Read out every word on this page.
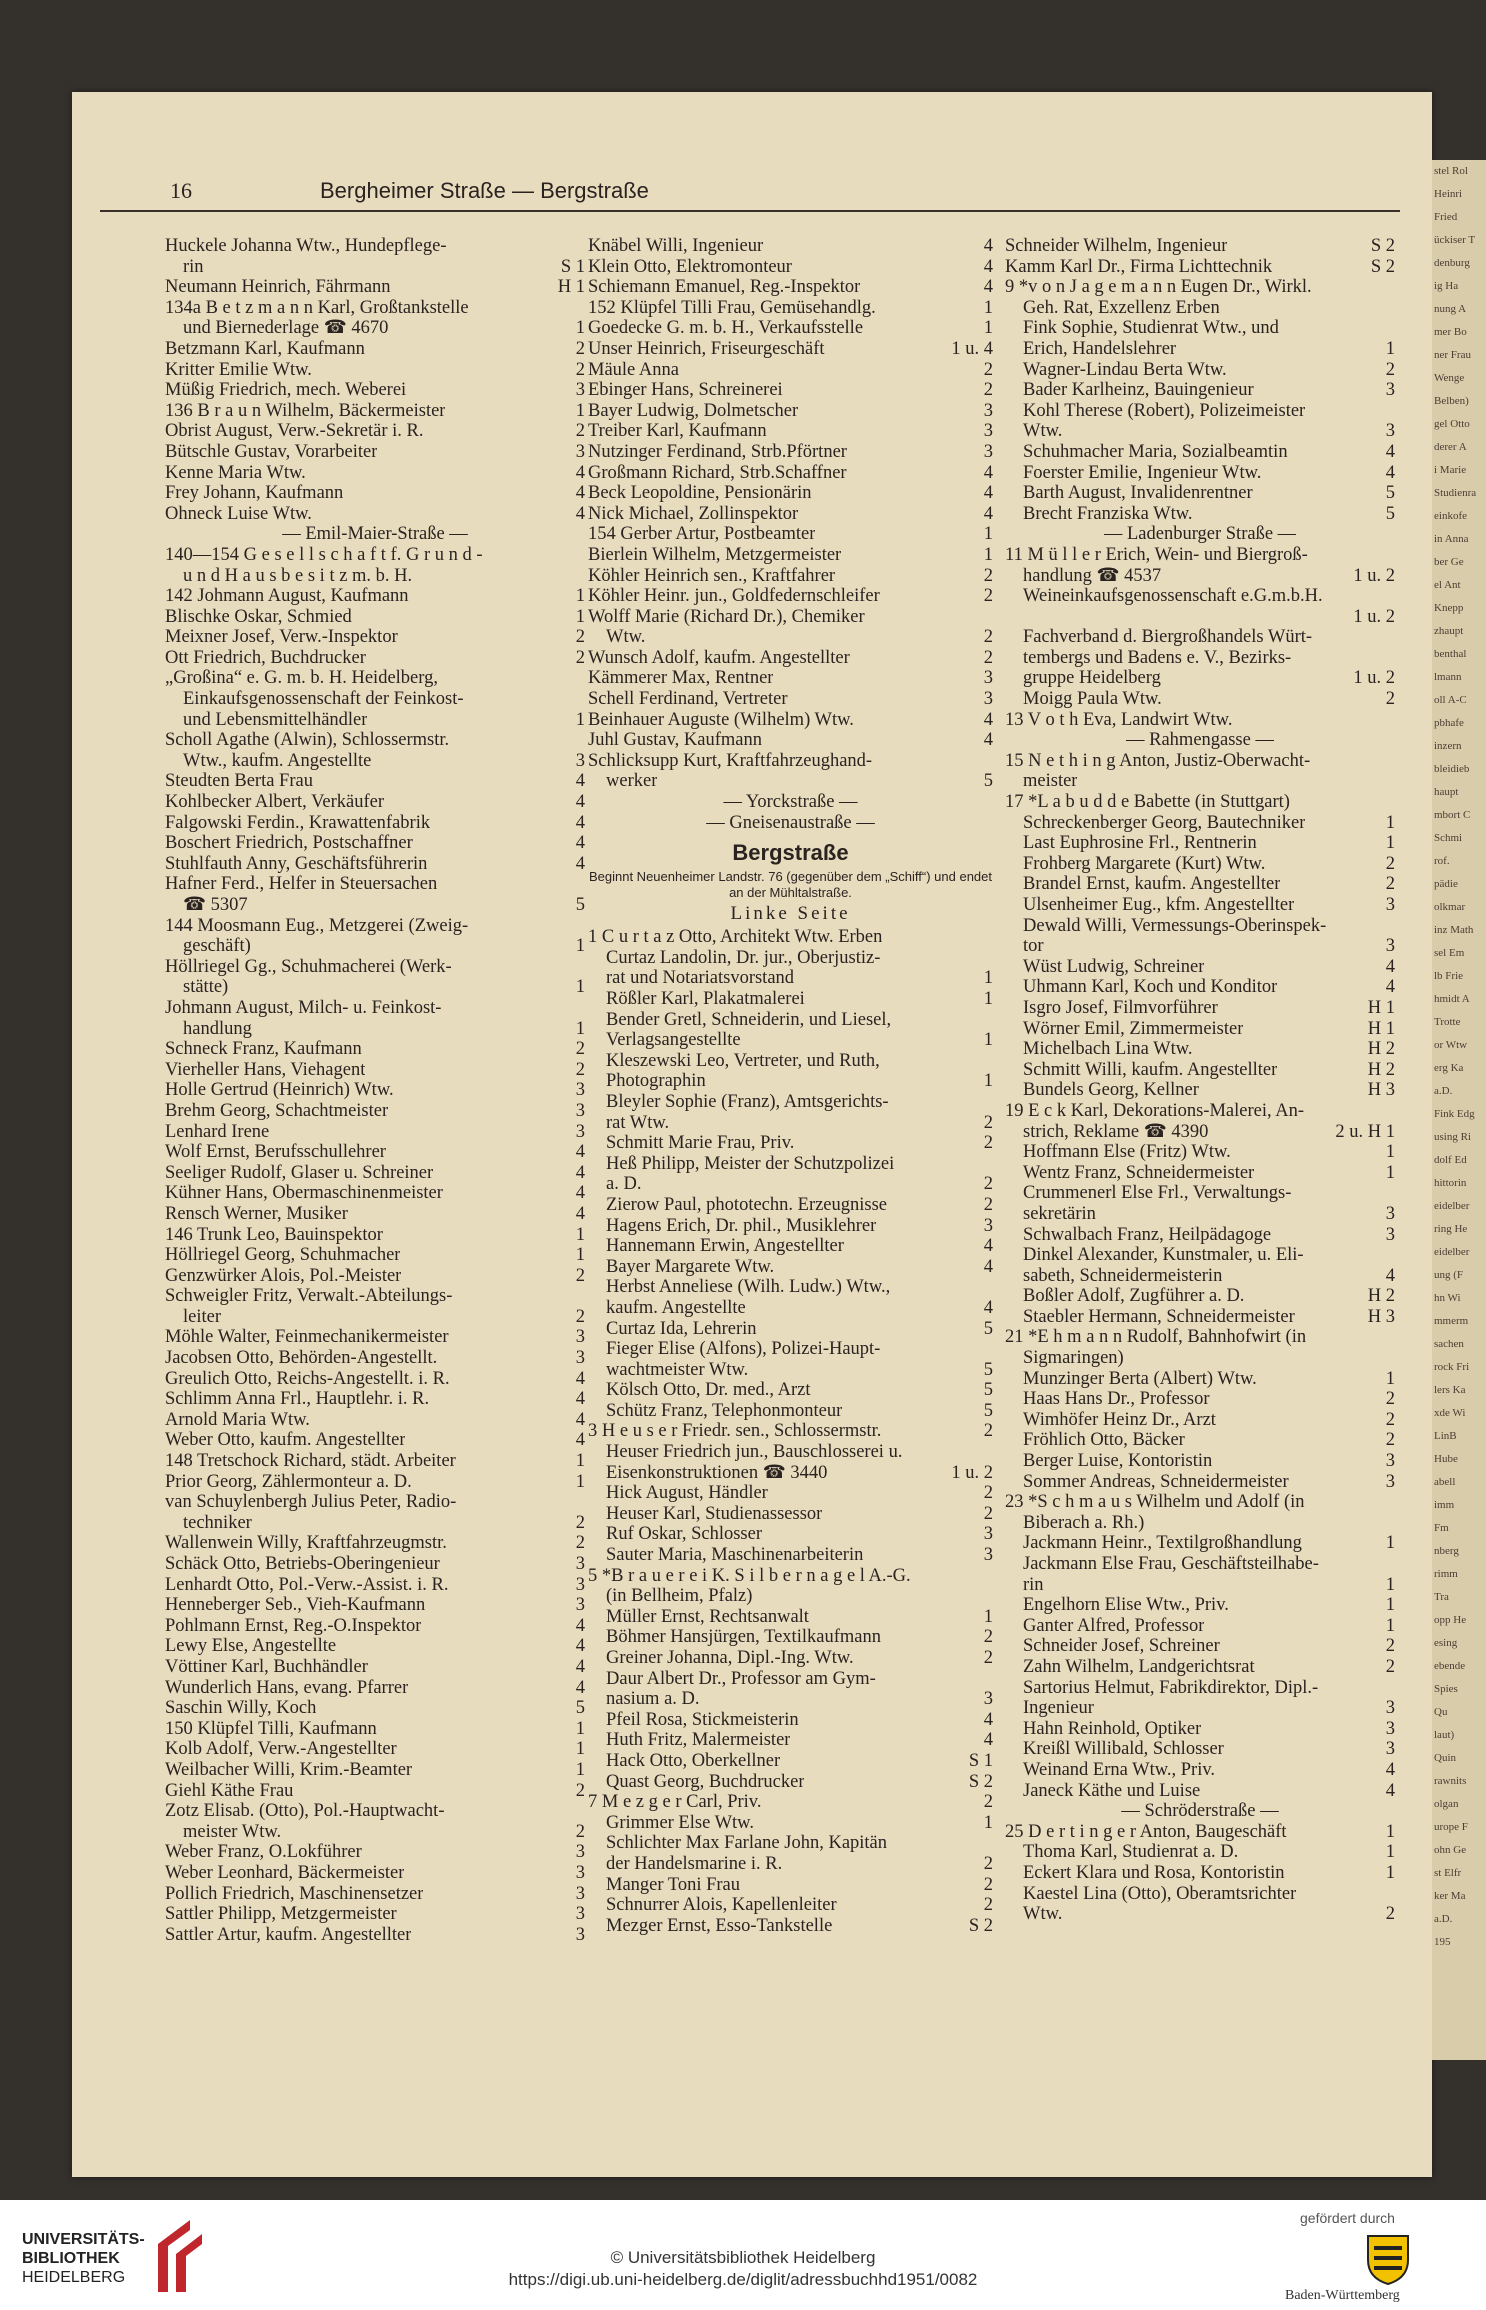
stel Rol
Heinri
Fried
ückiser T
denburg
ig Ha
nung A
mer Bo
ner Frau
Wenge
Belben)
gel Otto
derer A
i Marie
Studienra
einkofe
in Anna
ber Ge
el Ant
Knepp
zhaupt
benthal
lmann
oll A-C
pbhafe
inzern
bleidieb
haupt
mbort C
Schmi
rof.
pädie
olkmar
inz Math
sel Em
lb Frie
hmidt A
Trotte
or Wtw
erg Ka
a.D.
Fink Edg
using Ri
dolf Ed
hittorin
eidelber
ring He
eidelber
ung (F
hn Wi
mmerm
sachen
rock Fri
lers Ka
xde Wi
LinB
Hube
abell
imm
Fm
nberg
rimm
Tra
opp He
esing
ebende
Spies
Qu
laut)
Quin
rawnits
olgan
urope F
ohn Ge
st Elfr
ker Ma
a.D.
195
16	Bergheimer Straße — Bergstraße
Huckele Johanna Wtw., Hundepflege-
rin	S 1
Neumann Heinrich, Fährmann	H 1
134a B e t z m a n n Karl, Großtankstelle
und Biernederlage ☎ 4670	1
Betzmann Karl, Kaufmann	2
Kritter Emilie Wtw.	2
Müßig Friedrich, mech. Weberei	3
136 B r a u n Wilhelm, Bäckermeister	1
Obrist August, Verw.-Sekretär i. R.	2
Bütschle Gustav, Vorarbeiter	3
Kenne Maria Wtw.	4
Frey Johann, Kaufmann	4
Ohneck Luise Wtw.	4
— Emil-Maier-Straße —
140—154 G e s e l l s c h a f t f. G r u n d -
u n d H a u s b e s i t z m. b. H.
142 Johmann August, Kaufmann	1
Blischke Oskar, Schmied	1
Meixner Josef, Verw.-Inspektor	2
Ott Friedrich, Buchdrucker	2
„Großina“ e. G. m. b. H. Heidelberg,
Einkaufsgenossenschaft der Feinkost-
und Lebensmittelhändler	1
Scholl Agathe (Alwin), Schlossermstr.
Wtw., kaufm. Angestellte	3
Steudten Berta Frau	4
Kohlbecker Albert, Verkäufer	4
Falgowski Ferdin., Krawattenfabrik	4
Boschert Friedrich, Postschaffner	4
Stuhlfauth Anny, Geschäftsführerin	4
Hafner Ferd., Helfer in Steuersachen
☎ 5307	5
144 Moosmann Eug., Metzgerei (Zweig-
geschäft)	1
Höllriegel Gg., Schuhmacherei (Werk-
stätte)	1
Johmann August, Milch- u. Feinkost-
handlung	1
Schneck Franz, Kaufmann	2
Vierheller Hans, Viehagent	2
Holle Gertrud (Heinrich) Wtw.	3
Brehm Georg, Schachtmeister	3
Lenhard Irene	3
Wolf Ernst, Berufsschullehrer	4
Seeliger Rudolf, Glaser u. Schreiner	4
Kühner Hans, Obermaschinenmeister	4
Rensch Werner, Musiker	4
146 Trunk Leo, Bauinspektor	1
Höllriegel Georg, Schuhmacher	1
Genzwürker Alois, Pol.-Meister	2
Schweigler Fritz, Verwalt.-Abteilungs-
leiter	2
Möhle Walter, Feinmechanikermeister	3
Jacobsen Otto, Behörden-Angestellt.	3
Greulich Otto, Reichs-Angestellt. i. R.	4
Schlimm Anna Frl., Hauptlehr. i. R.	4
Arnold Maria Wtw.	4
Weber Otto, kaufm. Angestellter	4
148 Tretschock Richard, städt. Arbeiter	1
Prior Georg, Zählermonteur a. D.	1
van Schuylenbergh Julius Peter, Radio-
techniker	2
Wallenwein Willy, Kraftfahrzeugmstr.	2
Schäck Otto, Betriebs-Oberingenieur	3
Lenhardt Otto, Pol.-Verw.-Assist. i. R.	3
Henneberger Seb., Vieh-Kaufmann	3
Pohlmann Ernst, Reg.-O.Inspektor	4
Lewy Else, Angestellte	4
Vöttiner Karl, Buchhändler	4
Wunderlich Hans, evang. Pfarrer	4
Saschin Willy, Koch	5
150 Klüpfel Tilli, Kaufmann	1
Kolb Adolf, Verw.-Angestellter	1
Weilbacher Willi, Krim.-Beamter	1
Giehl Käthe Frau	2
Zotz Elisab. (Otto), Pol.-Hauptwacht-
meister Wtw.	2
Weber Franz, O.Lokführer	3
Weber Leonhard, Bäckermeister	3
Pollich Friedrich, Maschinensetzer	3
Sattler Philipp, Metzgermeister	3
Sattler Artur, kaufm. Angestellter	3
Knäbel Willi, Ingenieur	4
Klein Otto, Elektromonteur	4
Schiemann Emanuel, Reg.-Inspektor	4
152 Klüpfel Tilli Frau, Gemüsehandlg.	1
Goedecke G. m. b. H., Verkaufsstelle	1
Unser Heinrich, Friseurgeschäft	1 u. 4
Mäule Anna	2
Ebinger Hans, Schreinerei	2
Bayer Ludwig, Dolmetscher	3
Treiber Karl, Kaufmann	3
Nutzinger Ferdinand, Strb.Pförtner	3
Großmann Richard, Strb.Schaffner	4
Beck Leopoldine, Pensionärin	4
Nick Michael, Zollinspektor	4
154 Gerber Artur, Postbeamter	1
Bierlein Wilhelm, Metzgermeister	1
Köhler Heinrich sen., Kraftfahrer	2
Köhler Heinr. jun., Goldfedernschleifer	2
Wolff Marie (Richard Dr.), Chemiker
Wtw.	2
Wunsch Adolf, kaufm. Angestellter	2
Kämmerer Max, Rentner	3
Schell Ferdinand, Vertreter	3
Beinhauer Auguste (Wilhelm) Wtw.	4
Juhl Gustav, Kaufmann	4
Schlicksupp Kurt, Kraftfahrzeughand-
werker	5
— Yorckstraße —
— Gneisenaustraße —
Bergstraße
Beginnt Neuenheimer Landstr. 76 (gegenüber dem „Schiff“) und endet an der Mühltalstraße.
Linke Seite
1 C u r t a z Otto, Architekt Wtw. Erben
Curtaz Landolin, Dr. jur., Oberjustiz-
rat und Notariatsvorstand	1
Rößler Karl, Plakatmalerei	1
Bender Gretl, Schneiderin, und Liesel,
Verlagsangestellte	1
Kleszewski Leo, Vertreter, und Ruth,
Photographin	1
Bleyler Sophie (Franz), Amtsgerichts-
rat Wtw.	2
Schmitt Marie Frau, Priv.	2
Heß Philipp, Meister der Schutzpolizei
a. D.	2
Zierow Paul, phototechn. Erzeugnisse	2
Hagens Erich, Dr. phil., Musiklehrer	3
Hannemann Erwin, Angestellter	4
Bayer Margarete Wtw.	4
Herbst Anneliese (Wilh. Ludw.) Wtw.,
kaufm. Angestellte	4
Curtaz Ida, Lehrerin	5
Fieger Elise (Alfons), Polizei-Haupt-
wachtmeister Wtw.	5
Kölsch Otto, Dr. med., Arzt	5
Schütz Franz, Telephonmonteur	5
3 H e u s e r Friedr. sen., Schlossermstr.	2
Heuser Friedrich jun., Bauschlosserei u.
Eisenkonstruktionen ☎ 3440	1 u. 2
Hick August, Händler	2
Heuser Karl, Studienassessor	2
Ruf Oskar, Schlosser	3
Sauter Maria, Maschinenarbeiterin	3
5 *B r a u e r e i K. S i l b e r n a g e l A.-G.
(in Bellheim, Pfalz)
Müller Ernst, Rechtsanwalt	1
Böhmer Hansjürgen, Textilkaufmann	2
Greiner Johanna, Dipl.-Ing. Wtw.	2
Daur Albert Dr., Professor am Gym-
nasium a. D.	3
Pfeil Rosa, Stickmeisterin	4
Huth Fritz, Malermeister	4
Hack Otto, Oberkellner	S 1
Quast Georg, Buchdrucker	S 2
7 M e z g e r Carl, Priv.	2
Grimmer Else Wtw.	1
Schlichter Max Farlane John, Kapitän
der Handelsmarine i. R.	2
Manger Toni Frau	2
Schnurrer Alois, Kapellenleiter	2
Mezger Ernst, Esso-Tankstelle	S 2
Schneider Wilhelm, Ingenieur	S 2
Kamm Karl Dr., Firma Lichttechnik	S 2
9 *v o n J a g e m a n n Eugen Dr., Wirkl.
Geh. Rat, Exzellenz Erben
Fink Sophie, Studienrat Wtw., und
Erich, Handelslehrer	1
Wagner-Lindau Berta Wtw.	2
Bader Karlheinz, Bauingenieur	3
Kohl Therese (Robert), Polizeimeister
Wtw.	3
Schuhmacher Maria, Sozialbeamtin	4
Foerster Emilie, Ingenieur Wtw.	4
Barth August, Invalidenrentner	5
Brecht Franziska Wtw.	5
— Ladenburger Straße —
11 M ü l l e r Erich, Wein- und Biergroß-
handlung ☎ 4537	1 u. 2
Weineinkaufsgenossenschaft e.G.m.b.H.
1 u. 2
Fachverband d. Biergroßhandels Würt-
tembergs und Badens e. V., Bezirks-
gruppe Heidelberg	1 u. 2
Moigg Paula Wtw.	2
13 V o t h Eva, Landwirt Wtw.
— Rahmengasse —
15 N e t h i n g Anton, Justiz-Oberwacht-
meister
17 *L a b u d d e Babette (in Stuttgart)
Schreckenberger Georg, Bautechniker	1
Last Euphrosine Frl., Rentnerin	1
Frohberg Margarete (Kurt) Wtw.	2
Brandel Ernst, kaufm. Angestellter	2
Ulsenheimer Eug., kfm. Angestellter	3
Dewald Willi, Vermessungs-Oberinspek-
tor	3
Wüst Ludwig, Schreiner	4
Uhmann Karl, Koch und Konditor	4
Isgro Josef, Filmvorführer	H 1
Wörner Emil, Zimmermeister	H 1
Michelbach Lina Wtw.	H 2
Schmitt Willi, kaufm. Angestellter	H 2
Bundels Georg, Kellner	H 3
19 E c k Karl, Dekorations-Malerei, An-
strich, Reklame ☎ 4390	2 u. H 1
Hoffmann Else (Fritz) Wtw.	1
Wentz Franz, Schneidermeister	1
Crummenerl Else Frl., Verwaltungs-
sekretärin	3
Schwalbach Franz, Heilpädagoge	3
Dinkel Alexander, Kunstmaler, u. Eli-
sabeth, Schneidermeisterin	4
Boßler Adolf, Zugführer a. D.	H 2
Staebler Hermann, Schneidermeister	H 3
21 *E h m a n n Rudolf, Bahnhofwirt (in
Sigmaringen)
Munzinger Berta (Albert) Wtw.	1
Haas Hans Dr., Professor	2
Wimhöfer Heinz Dr., Arzt	2
Fröhlich Otto, Bäcker	2
Berger Luise, Kontoristin	3
Sommer Andreas, Schneidermeister	3
23 *S c h m a u s Wilhelm und Adolf (in
Biberach a. Rh.)
Jackmann Heinr., Textilgroßhandlung	1
Jackmann Else Frau, Geschäftsteilhabe-
rin	1
Engelhorn Elise Wtw., Priv.	1
Ganter Alfred, Professor	1
Schneider Josef, Schreiner	2
Zahn Wilhelm, Landgerichtsrat	2
Sartorius Helmut, Fabrikdirektor, Dipl.-
Ingenieur	3
Hahn Reinhold, Optiker	3
Kreißl Willibald, Schlosser	3
Weinand Erna Wtw., Priv.	4
Janeck Käthe und Luise	4
— Schröderstraße —
25 D e r t i n g e r Anton, Baugeschäft	1
Thoma Karl, Studienrat a. D.	1
Eckert Klara und Rosa, Kontoristin	1
Kaestel Lina (Otto), Oberamtsrichter
Wtw.	2
UNIVERSITÄTS-
BIBLIOTHEK
HEIDELBERG
© Universitätsbibliothek Heidelberg
https://digi.ub.uni-heidelberg.de/diglit/adressbuchhd1951/0082
gefördert durch
Baden-Württemberg
